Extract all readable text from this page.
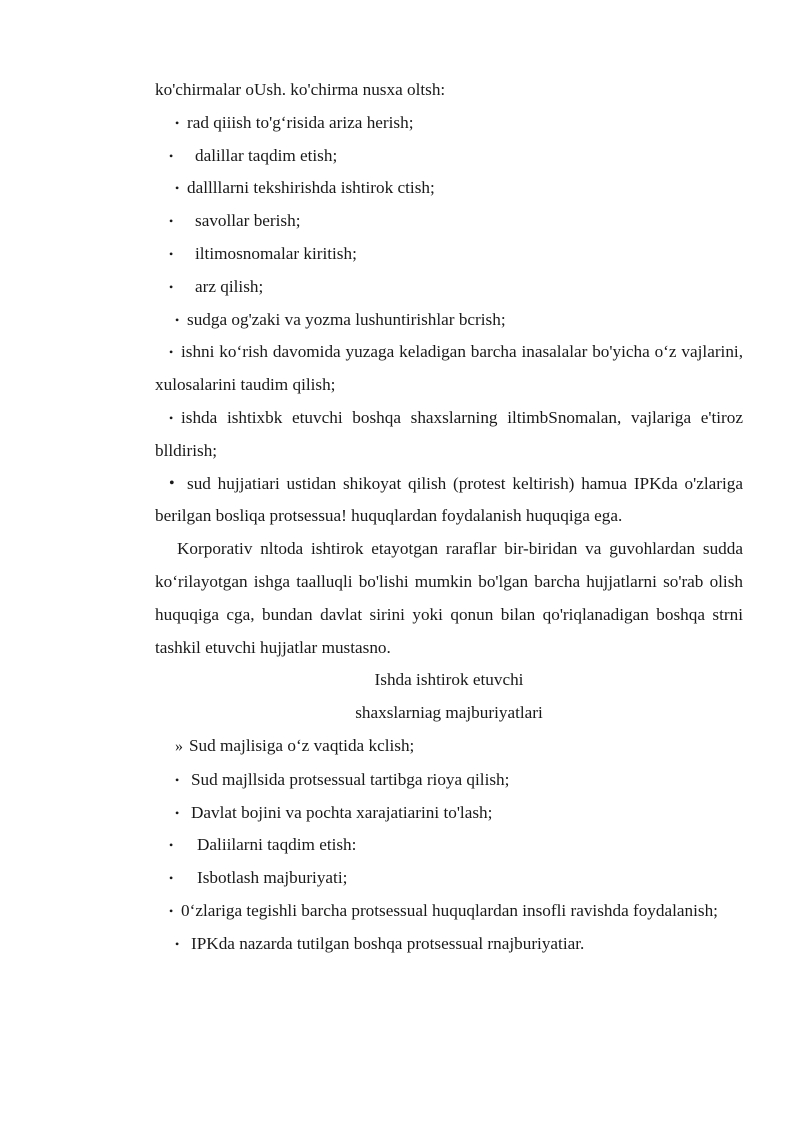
ko'chirmalar oUsh. ko'chirma nusxa oltsh:

• rad qiiish to'g‘risida ariza herish;

• dalillar taqdim etish;

• dallllarni tekshirishda ishtirok ctish;

• savollar berish;

• iltimosnomalar kiritish;

• arz qilish;

• sudga og'zaki va yozma lushuntirishlar bcrish;

• ishni ko‘rish davomida yuzaga keladigan barcha inasalalar bo'yicha o‘z vajlarini, xulosalarini taudim qilish;

• ishda ishtixbk etuvchi boshqa shaxslarning iltimbSnomalan, vajlariga e'tiroz blldirish;

• sud hujjatiari ustidan shikoyat qilish (protest keltirish) hamua IPKda o'zlariga berilgan bosliqa protsessua! huquqlardan foydalanish huquqiga ega.

Korporativ nltoda ishtirok etayotgan raraflar bir-biridan va guvohlardan sudda ko‘rilayotgan ishga taalluqli bo'lishi mumkin bo'lgan barcha hujjatlarni so'rab olish huquqiga cga, bundan davlat sirini yoki qonun bilan qo'riqlanadigan boshqa strni tashkil etuvchi hujjatlar mustasno.

Ishda ishtirok etuvchi

shaxslarniag majburiyatlari

» Sud majlisiga o‘z vaqtida kclish;

• Sud majllsida protsessual tartibga rioya qilish;

• Davlat bojini va pochta xarajatiarini to'lash;

• Daliilarni taqdim etish:

• Isbotlash majburiyati;

• 0‘zlariga tegishli barcha protsessual huquqlardan insofli ravishda foydalanish;

• IPKda nazarda tutilgan boshqa protsessual rnajburiyatiar.
